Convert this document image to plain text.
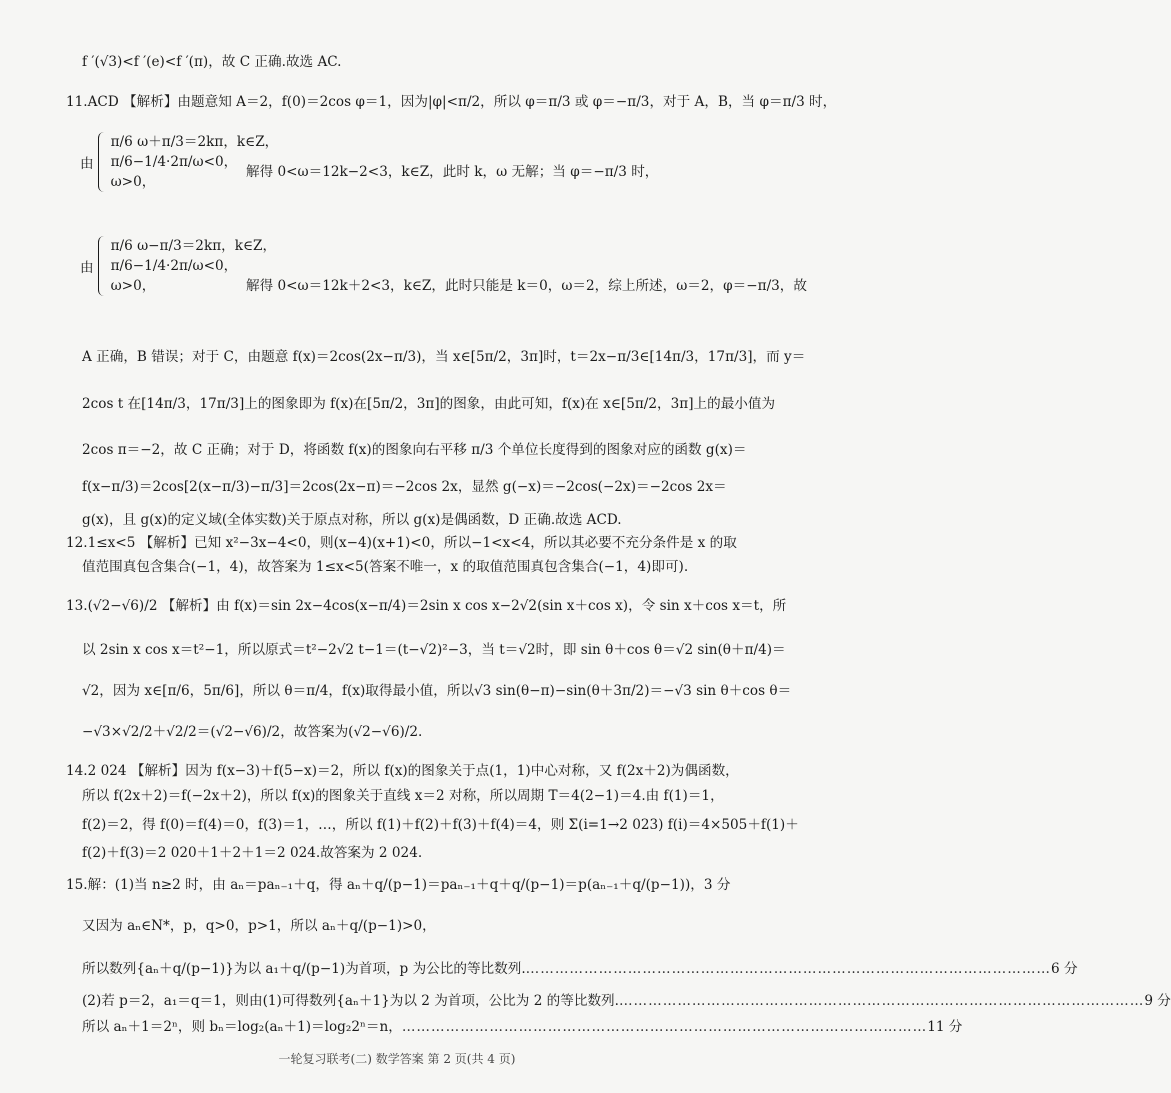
f ′(√3)<f ′(e)<f ′(π)，故 C 正确.故选 AC.
11.ACD 【解析】由题意知 A＝2，f(0)＝2cos φ＝1，因为|φ|<π/2，所以 φ＝π/3 或 φ＝−π/3，对于 A，B，当 φ＝π/3 时，
由
π/6 ω＋π/3＝2kπ，k∈Z，
π/6−1/4·2π/ω<0，
ω>0，
解得 0<ω＝12k−2<3，k∈Z，此时 k，ω 无解；当 φ＝−π/3 时，
由
π/6 ω−π/3＝2kπ，k∈Z，
π/6−1/4·2π/ω<0，
ω>0，	解得 0<ω＝12k＋2<3，k∈Z，此时只能是 k＝0，ω＝2，综上所述，ω＝2，φ＝−π/3，故
A 正确，B 错误；对于 C，由题意 f(x)＝2cos(2x−π/3)，当 x∈[5π/2，3π]时，t＝2x−π/3∈[14π/3，17π/3]，而 y＝
2cos t 在[14π/3，17π/3]上的图象即为 f(x)在[5π/2，3π]的图象，由此可知，f(x)在 x∈[5π/2，3π]上的最小值为
2cos π＝−2，故 C 正确；对于 D，将函数 f(x)的图象向右平移 π/3 个单位长度得到的图象对应的函数 g(x)＝
f(x−π/3)＝2cos[2(x−π/3)−π/3]＝2cos(2x−π)＝−2cos 2x，显然 g(−x)＝−2cos(−2x)＝−2cos 2x＝
g(x)，且 g(x)的定义域(全体实数)关于原点对称，所以 g(x)是偶函数，D 正确.故选 ACD.
12.1≤x<5 【解析】已知 x²−3x−4<0，则(x−4)(x+1)<0，所以−1<x<4，所以其必要不充分条件是 x 的取
值范围真包含集合(−1，4)，故答案为 1≤x<5(答案不唯一，x 的取值范围真包含集合(−1，4)即可).
13.(√2−√6)/2 【解析】由 f(x)＝sin 2x−4cos(x−π/4)＝2sin x cos x−2√2(sin x＋cos x)，令 sin x＋cos x＝t，所
以 2sin x cos x＝t²−1，所以原式＝t²−2√2 t−1＝(t−√2)²−3，当 t＝√2时，即 sin θ＋cos θ＝√2 sin(θ＋π/4)＝
√2，因为 x∈[π/6，5π/6]，所以 θ＝π/4，f(x)取得最小值，所以√3 sin(θ−π)−sin(θ＋3π/2)＝−√3 sin θ＋cos θ＝
−√3×√2/2＋√2/2＝(√2−√6)/2，故答案为(√2−√6)/2.
14.2 024 【解析】因为 f(x−3)＋f(5−x)＝2，所以 f(x)的图象关于点(1，1)中心对称，又 f(2x＋2)为偶函数，
所以 f(2x＋2)＝f(−2x＋2)，所以 f(x)的图象关于直线 x＝2 对称，所以周期 T＝4(2−1)＝4.由 f(1)＝1，
f(2)＝2，得 f(0)＝f(4)＝0，f(3)＝1，…，所以 f(1)＋f(2)＋f(3)＋f(4)＝4，则 Σ(i=1→2 023) f(i)＝4×505＋f(1)＋
f(2)＋f(3)＝2 020＋1＋2＋1＝2 024.故答案为 2 024.
15.解：(1)当 n≥2 时，由 aₙ＝paₙ₋₁＋q，得 aₙ＋q/(p−1)＝paₙ₋₁＋q＋q/(p−1)＝p(aₙ₋₁＋q/(p−1))， 3 分
又因为 aₙ∈N*，p，q>0，p>1，所以 aₙ＋q/(p−1)>0，
所以数列{aₙ＋q/(p−1)}为以 a₁＋q/(p−1)为首项，p 为公比的等比数列. ………………………………………………………………………………………………	6 分
(2)若 p＝2，a₁＝q＝1，则由(1)可得数列{aₙ＋1}为以 2 为首项，公比为 2 的等比数列. ………………………………………………………………………………………………	9 分
所以 aₙ＋1＝2ⁿ，则 bₙ＝log₂(aₙ＋1)＝log₂2ⁿ＝n， ………………………………………………………………………………………………	11 分
一轮复习联考(二) 数学答案 第 2 页(共 4 页)
